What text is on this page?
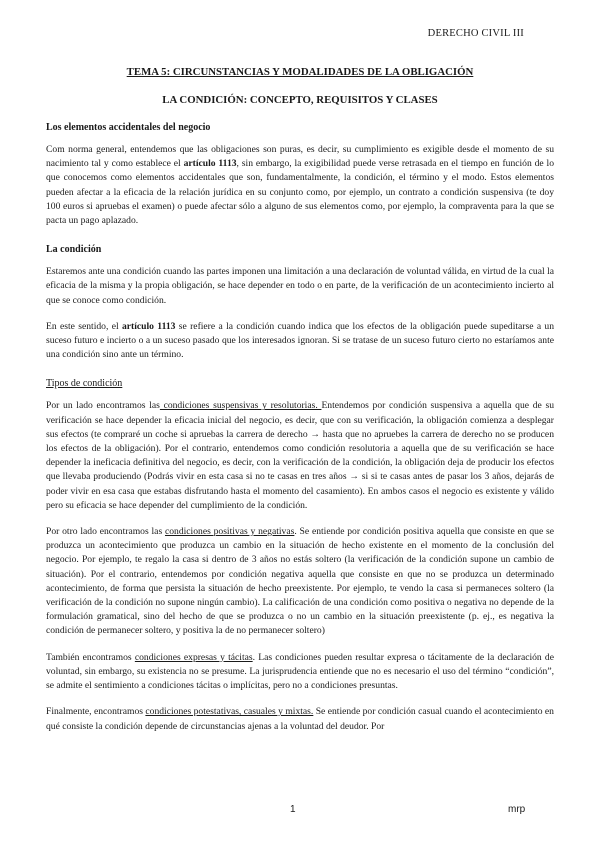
DERECHO CIVIL III

TEMA 5: CIRCUNSTANCIAS Y MODALIDADES DE LA OBLIGACIÓN

LA CONDICIÓN: CONCEPTO, REQUISITOS Y CLASES

Los elementos accidentales del negocio

Com norma general, entendemos que las obligaciones son puras, es decir, su cumplimiento es exigible desde el momento de su nacimiento tal y como establece el artículo 1113, sin embargo, la exigibilidad puede verse retrasada en el tiempo en función de lo que conocemos como elementos accidentales que son, fundamentalmente, la condición, el término y el modo. Estos elementos pueden afectar a la eficacia de la relación jurídica en su conjunto como, por ejemplo, un contrato a condición suspensiva (te doy 100 euros si apruebas el examen) o puede afectar sólo a alguno de sus elementos como, por ejemplo, la compraventa para la que se pacta un pago aplazado.

La condición

Estaremos ante una condición cuando las partes imponen una limitación a una declaración de voluntad válida, en virtud de la cual la eficacia de la misma y la propia obligación, se hace depender en todo o en parte, de la verificación de un acontecimiento incierto al que se conoce como condición.

En este sentido, el artículo 1113 se refiere a la condición cuando indica que los efectos de la obligación puede supeditarse a un suceso futuro e incierto o a un suceso pasado que los interesados ignoran. Si se tratase de un suceso futuro cierto no estaríamos ante una condición sino ante un término.

Tipos de condición

Por un lado encontramos las condiciones suspensivas y resolutorias. Entendemos por condición suspensiva a aquella que de su verificación se hace depender la eficacia inicial del negocio, es decir, que con su verificación, la obligación comienza a desplegar sus efectos (te compraré un coche si apruebas la carrera de derecho → hasta que no apruebes la carrera de derecho no se producen los efectos de la obligación). Por el contrario, entendemos como condición resolutoria a aquella que de su verificación se hace depender la ineficacia definitiva del negocio, es decir, con la verificación de la condición, la obligación deja de producir los efectos que llevaba produciendo (Podrás vivir en esta casa si no te casas en tres años → si si te casas antes de pasar los 3 años, dejarás de poder vivir en esa casa que estabas disfrutando hasta el momento del casamiento). En ambos casos el negocio es existente y válido pero su eficacia se hace depender del cumplimiento de la condición.

Por otro lado encontramos las condiciones positivas y negativas. Se entiende por condición positiva aquella que consiste en que se produzca un acontecimiento que produzca un cambio en la situación de hecho existente en el momento de la conclusión del negocio. Por ejemplo, te regalo la casa si dentro de 3 años no estás soltero (la verificación de la condición supone un cambio de situación). Por el contrario, entendemos por condición negativa aquella que consiste en que no se produzca un determinado acontecimiento, de forma que persista la situación de hecho preexistente. Por ejemplo, te vendo la casa si permaneces soltero (la verificación de la condición no supone ningún cambio). La calificación de una condición como positiva o negativa no depende de la formulación gramatical, sino del hecho de que se produzca o no un cambio en la situación preexistente (p. ej., es negativa la condición de permanecer soltero, y positiva la de no permanecer soltero)

También encontramos condiciones expresas y tácitas. Las condiciones pueden resultar expresa o tácitamente de la declaración de voluntad, sin embargo, su existencia no se presume. La jurisprudencia entiende que no es necesario el uso del término “condición”, se admite el sentimiento a condiciones tácitas o implícitas, pero no a condiciones presuntas.

Finalmente, encontramos condiciones potestativas, casuales y mixtas. Se entiende por condición casual cuando el acontecimiento en qué consiste la condición depende de circunstancias ajenas a la voluntad del deudor. Por

1	mrp
